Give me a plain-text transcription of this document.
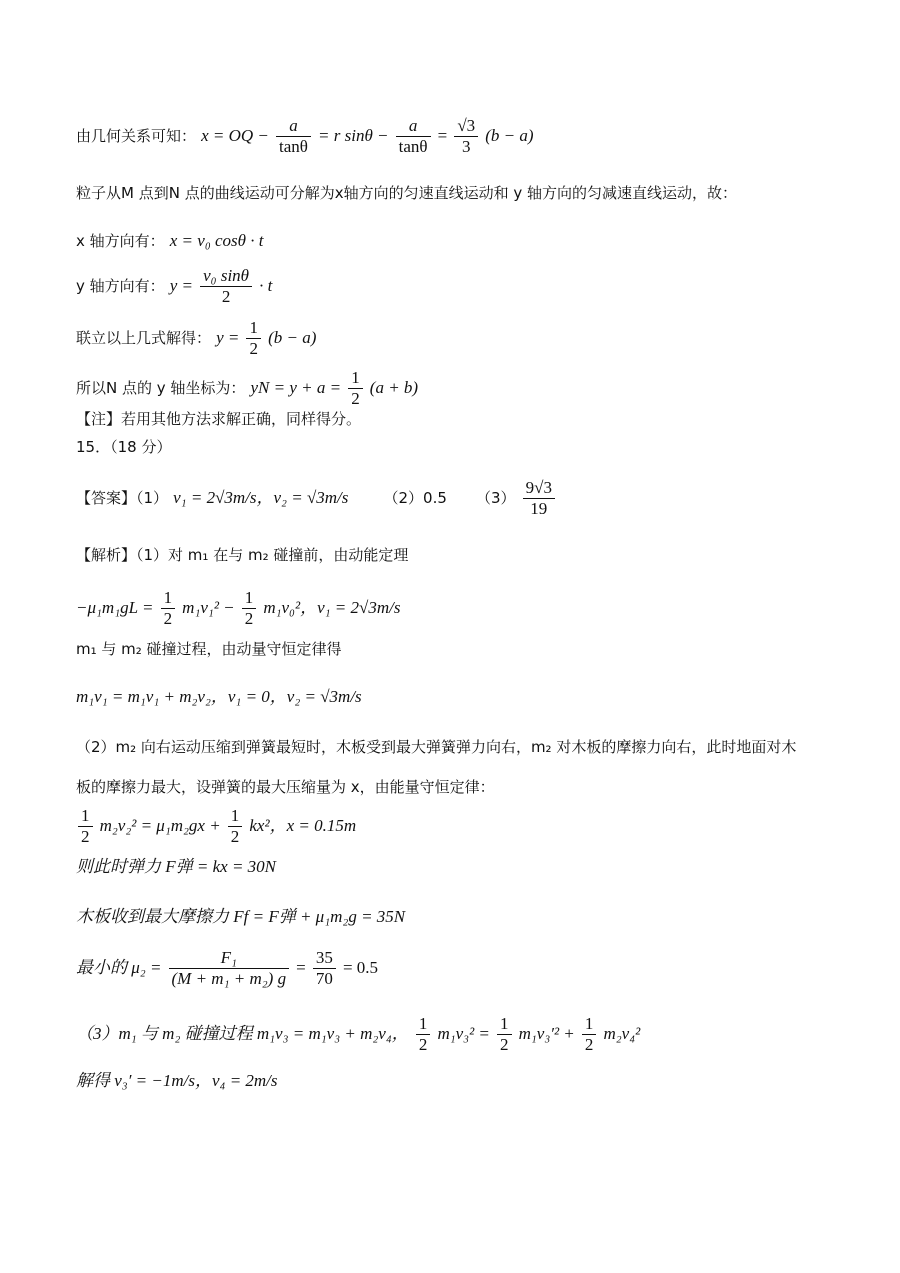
由几何关系可知： x = OQ − $\frac{a}{\tan\theta} = r$ $\sin\theta - \frac{a}{\tan\theta} = \frac{√3}{3} (b - a)$
粒子从M 点到N 点的曲线运动可分解为x轴方向的匀速直线运动和 y 轴方向的匀减速直线运动，故：
x 轴方向有： x = v₀ cosθ · t
y 轴方向有： $y = \frac{\text{v₀ sinθ}}{2} \cdot t$
联立以上几式解得： $y = \frac{1}{2} (b - a)$
所以N 点的 y 轴坐标为： yN = $y + a = \frac{1}{2} (a + b)$
【注】若用其他方法求解正确，同样得分。
15．（18 分）
【答案】（1） v₁ = 2√3m/s，v₂ = √3m/s （2）0.5 $(3) \frac{9√3}{19}$
【解析】（1）对 m₁ 在与 m₂ 碰撞前，由动能定理
$-\mu_1m_1gL = \frac{1}{2} m_1v_1^2 - \frac{1}{2} m_1v_0^2$，v₁ = 2√3m/s
m₁ 与 m₂ 碰撞过程，由动量守恒定律得
m₁v₁ = m₁v₁ + m₂v₂，v₁ = 0，v₂ = √3m/s
（2）m₂ 向右运动压缩到弹簧最短时，木板受到最大弹簧弹力向右，m₂ 对木板的摩擦力向右，此时地面对木
板的摩擦力最大，设弹簧的最大压缩量为 x，由能量守恒定律：
$\frac{1}{2} m_2v_2^2 = \mu_1m_2gx + \frac{1}{2} kx^2$，x = 0.15m
则此时弹力 F弹 = kx = 30N
木板收到最大摩擦力 Ff = F弹 + μ₁m₂g = 35N
最小的 $\mu_2 = \frac{\text{F₁}}{\text{(M + m₁ + m₂) g}} = \frac{35}{70} = 0.5$
（3）m₁ 与 m₂ 碰撞过程 m₁v₃ = m₁v₃ + m₂v₄， $\frac{1}{2} m_1v_3^2 = \frac{1}{2} m_1v_3'^2 + \frac{1}{2} m_2v_4^2$
解得 v₃′ = −1m/s，v₄ = 2m/s
